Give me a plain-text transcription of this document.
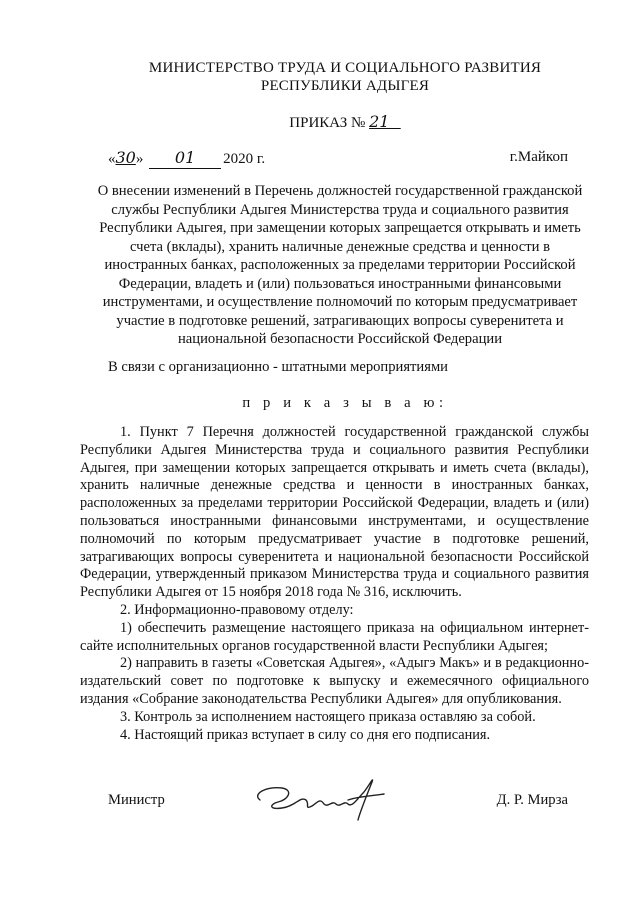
МИНИСТЕРСТВО ТРУДА И СОЦИАЛЬНОГО РАЗВИТИЯ
РЕСПУБЛИКИ АДЫГЕЯ
ПРИКАЗ № 21
«30» 01 2020 г.	г.Майкоп
О внесении изменений в Перечень должностей государственной гражданской
службы Республики Адыгея Министерства труда и социального развития
Республики Адыгея, при замещении которых запрещается открывать и иметь
счета (вклады), хранить наличные денежные средства и ценности в
иностранных банках, расположенных за пределами территории Российской
Федерации, владеть и (или) пользоваться иностранными финансовыми
инструментами, и осуществление полномочий по которым предусматривает
участие в подготовке решений, затрагивающих вопросы суверенитета и
национальной безопасности Российской Федерации
В связи с организационно - штатными мероприятиями
п р и к а з ы в а ю:

1. Пункт 7 Перечня должностей государственной гражданской службы Республики Адыгея Министерства труда и социального развития Республики Адыгея, при замещении которых запрещается открывать и иметь счета (вклады), хранить наличные денежные средства и ценности в иностранных банках, расположенных за пределами территории Российской Федерации, владеть и (или) пользоваться иностранными финансовыми инструментами, и осуществление полномочий по которым предусматривает участие в подготовке решений, затрагивающих вопросы суверенитета и национальной безопасности Российской Федерации, утвержденный приказом Министерства труда и социального развития Республики Адыгея от 15 ноября 2018 года № 316, исключить.

2. Информационно-правовому отделу:

1) обеспечить размещение настоящего приказа на официальном интернет-сайте исполнительных органов государственной власти Республики Адыгея;

2) направить в газеты «Советская Адыгея», «Адыгэ Макъ» и в редакционно-издательский совет по подготовке к выпуску и ежемесячного официального издания «Собрание законодательства Республики Адыгея» для опубликования.

3. Контроль за исполнением настоящего приказа оставляю за собой.

4. Настоящий приказ вступает в силу со дня его подписания.

Министр	Д. Р. Мирза
